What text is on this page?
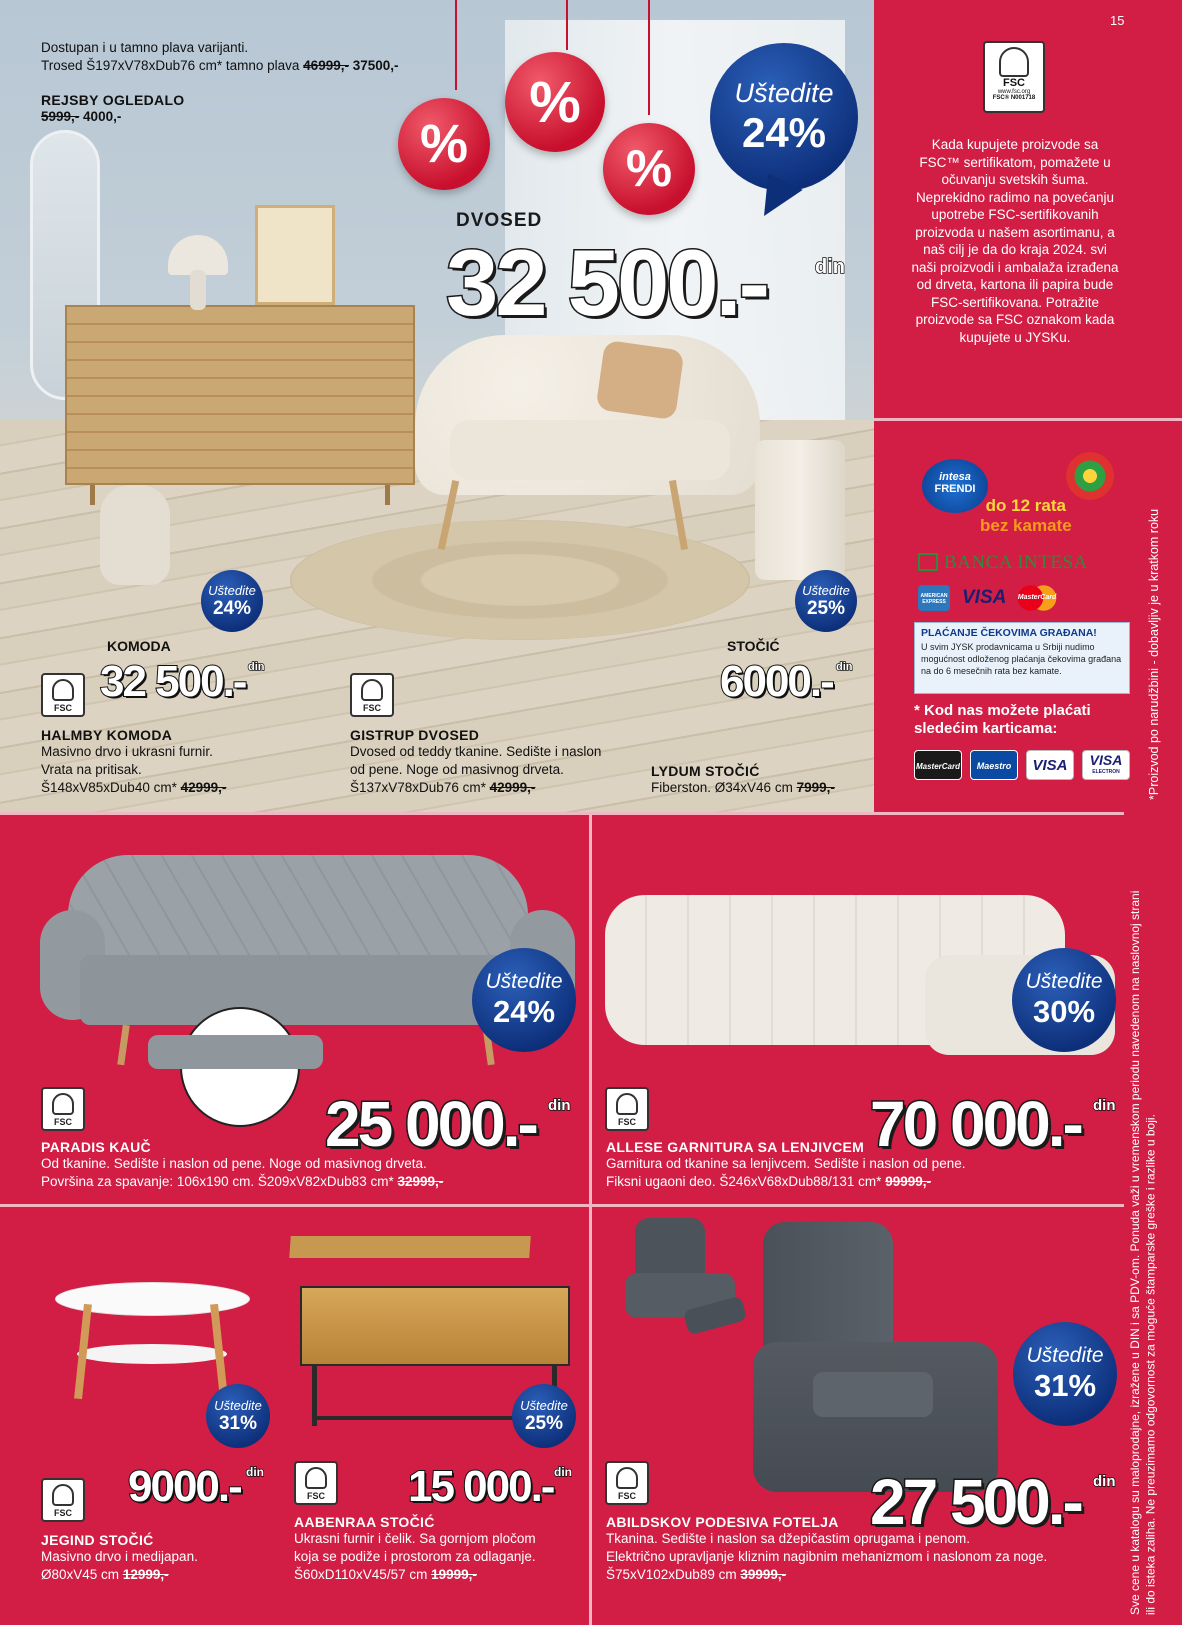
%
%
%
Dostupan i u tamno plava varijanti.
Trosed Š197xV78xDub76 cm* tamno plava 46999,- 37500,-
REJSBY OGLEDALO
5999,- 4000,-
Uštedite
24%
DVOSED
32 500.- din
Uštedite
24%
KOMODA
32 500.- din
Uštedite
25%
STOČIĆ
6000.- din
FSC	FSC
HALMBY KOMODA
Masivno drvo i ukrasni furnir.
Vrata na pritisak.
Š148xV85xDub40 cm* 42999,-
GISTRUP DVOSED
Dvosed od teddy tkanine. Sedište i naslon
od pene. Noge od masivnog drveta.
Š137xV78xDub76 cm* 42999,-
LYDUM STOČIĆ
Fiberston. Ø34xV46 cm 7999,-
15
FSC
www.fsc.org
FSC® N001718
Kada kupujete proizvode sa FSC™ sertifikatom, pomažete u očuvanju svetskih šuma. Neprekidno radimo na povećanju upotrebe FSC-sertifikovanih proizvoda u našem asortimanu, a naš cilj je da do kraja 2024. svi naši proizvodi i ambalaža izrađena od drveta, kartona ili papira bude FSC-sertifikovana. Potražite proizvode sa FSC oznakom kada kupujete u JYSKu.
intesa
FRENDI
do 12 rata
bez kamate
BANCA INTESA
AMERICAN EXPRESS VISA	MasterCard
PLAĆANJE ČEKOVIMA GRAĐANA!
U svim JYSK prodavnicama u Srbiji nudimo mogućnost odloženog plaćanja čekovima građana na do 6 mesečnih rata bez kamate.
* Kod nas možete plaćati
sledećim karticama:
MasterCard	Maestro	VISA	VISA
ELECTRON	*Proizvod po narudžbini - dobavljiv je u kratkom roku
Uštedite
24%
FSC	25 000.- din
PARADIS KAUČ
Od tkanine. Sedište i naslon od pene. Noge od masivnog drveta.
Površina za spavanje: 106x190 cm. Š209xV82xDub83 cm* 32999,-
Uštedite
30%
FSC	70 000.- din
ALLESE GARNITURA SA LENJIVCEM
Garnitura od tkanine sa lenjivcem. Sedište i naslon od pene.
Fiksni ugaoni deo. Š246xV68xDub88/131 cm* 99999,-
Uštedite
31%
FSC
9000.- din
JEGIND STOČIĆ
Masivno drvo i medijapan.
Ø80xV45 cm 12999,-
Uštedite
25%
FSC 15 000.- din
AABENRAA STOČIĆ
Ukrasni furnir i čelik. Sa gornjom pločom
koja se podiže i prostorom za odlaganje.
Š60xD110xV45/57 cm 19999,-
Uštedite
31%
FSC	27 500.- din
ABILDSKOV PODESIVA FOTELJA
Tkanina. Sedište i naslon sa džepičastim oprugama i penom.
Električno upravljanje kliznim nagibnim mehanizmom i naslonom za noge.
Š75xV102xDub89 cm 39999,-	Sve cene u katalogu su maloprodajne, izražene u DIN i sa PDV-om. Ponuda važi u vremenskom periodu navedenom na naslovnoj strani ili do isteka zaliha. Ne preuzimamo odgovornost za moguće štamparske greške i razlike u boji.
